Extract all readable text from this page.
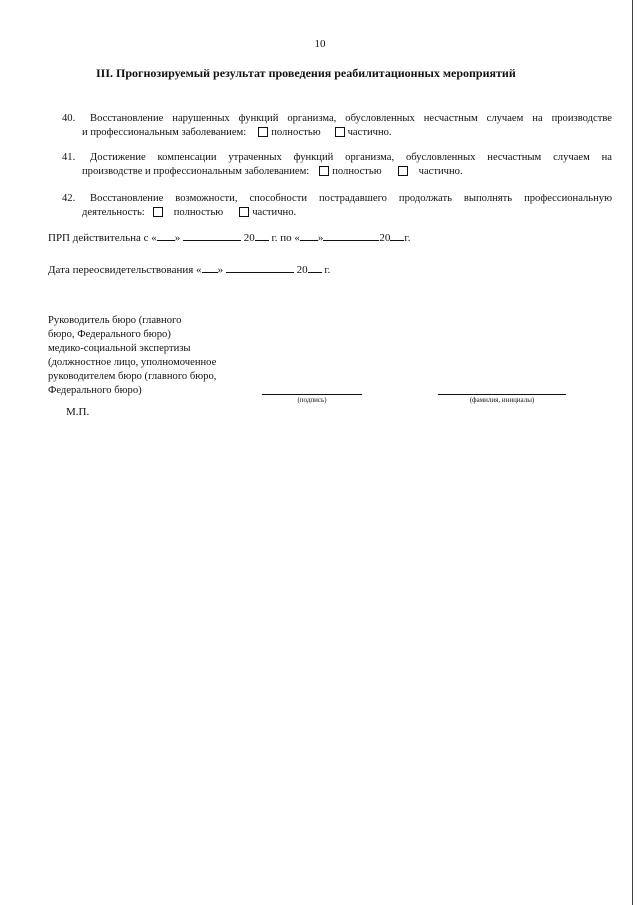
10
III. Прогнозируемый результат проведения реабилитационных мероприятий
40. Восстановление нарушенных функций организма, обусловленных несчастным случаем на производстве
и профессиональным заболеванием: полностью	частично.
41. Достижение компенсации утраченных функций организма, обусловленных несчастным случаем на
производстве и профессиональным заболеванием: полностью	частично.
42. Восстановление возможности, способности пострадавшего продолжать выполнять профессиональную
деятельность:	полностью	частично.
ПРП действительна с « »	20 г. по « »	20 г.
Дата переосвидетельствования « »	20 г.
Руководитель бюро (главного
бюро, Федерального бюро)
медико-социальной экспертизы
(должностное лицо, уполномоченное
руководителем бюро (главного бюро,
Федерального бюро)
(подпись)	(фамилия, инициалы)
М.П.
